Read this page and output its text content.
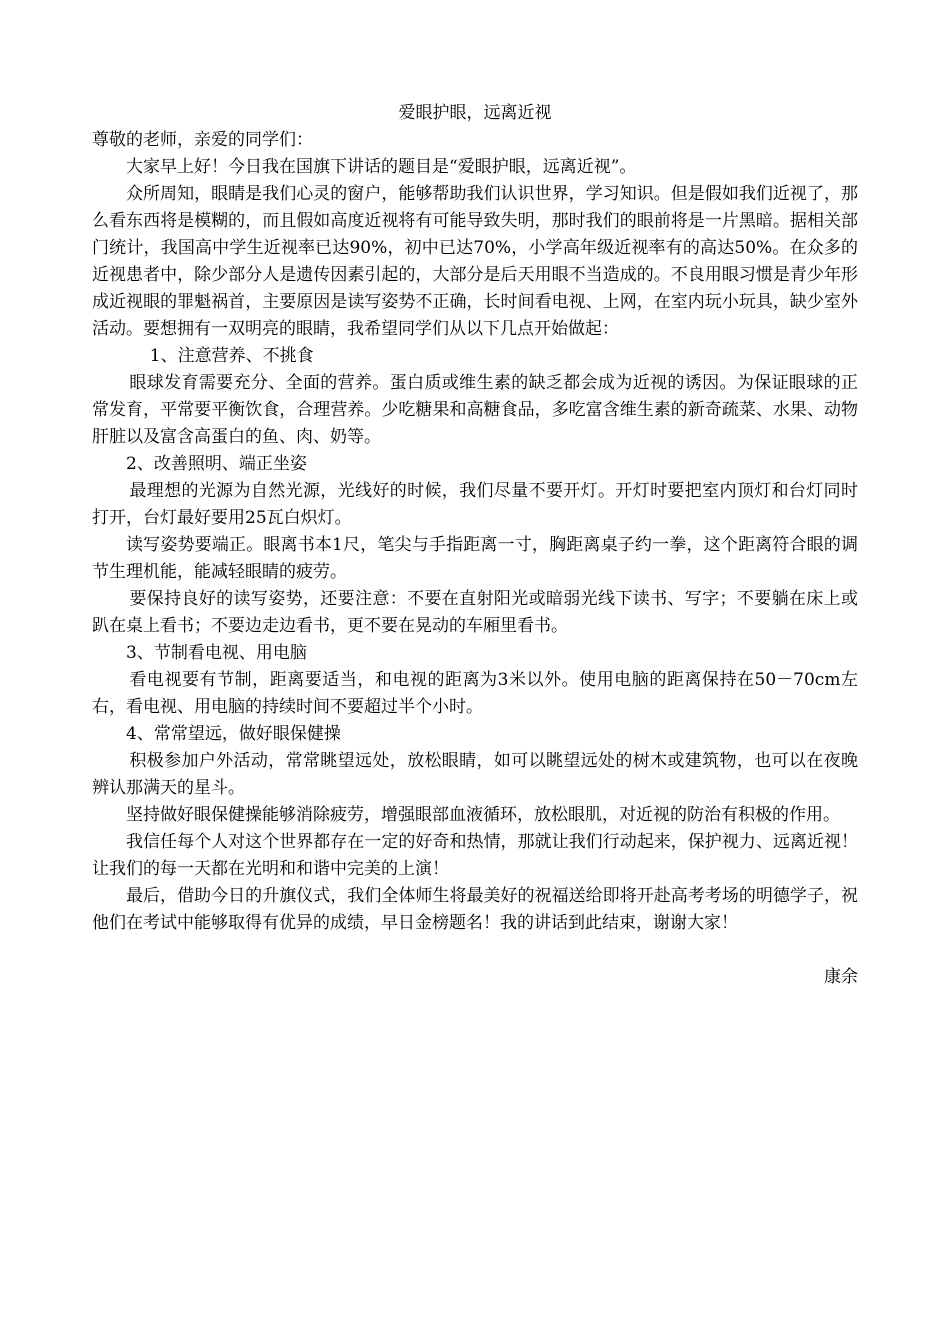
爱眼护眼，远离近视

尊敬的老师，亲爱的同学们：

大家早上好！今日我在国旗下讲话的题目是“爱眼护眼，远离近视”。

众所周知，眼睛是我们心灵的窗户，能够帮助我们认识世界，学习知识。但是假如我们近视了，那么看东西将是模糊的，而且假如高度近视将有可能导致失明，那时我们的眼前将是一片黑暗。据相关部门统计，我国高中学生近视率已达90%，初中已达70%，小学高年级近视率有的高达50%。在众多的近视患者中，除少部分人是遗传因素引起的，大部分是后天用眼不当造成的。不良用眼习惯是青少年形成近视眼的罪魁祸首，主要原因是读写姿势不正确，长时间看电视、上网，在室内玩小玩具，缺少室外活动。要想拥有一双明亮的眼睛，我希望同学们从以下几点开始做起：

1、注意营养、不挑食

眼球发育需要充分、全面的营养。蛋白质或维生素的缺乏都会成为近视的诱因。为保证眼球的正常发育，平常要平衡饮食，合理营养。少吃糖果和高糖食品，多吃富含维生素的新奇疏菜、水果、动物肝脏以及富含高蛋白的鱼、肉、奶等。

2、改善照明、端正坐姿

最理想的光源为自然光源，光线好的时候，我们尽量不要开灯。开灯时要把室内顶灯和台灯同时打开，台灯最好要用25瓦白炽灯。

读写姿势要端正。眼离书本1尺，笔尖与手指距离一寸，胸距离桌子约一拳，这个距离符合眼的调节生理机能，能减轻眼睛的疲劳。

要保持良好的读写姿势，还要注意：不要在直射阳光或暗弱光线下读书、写字；不要躺在床上或趴在桌上看书；不要边走边看书，更不要在晃动的车厢里看书。

3、节制看电视、用电脑

看电视要有节制，距离要适当，和电视的距离为3米以外。使用电脑的距离保持在50－70cm左右，看电视、用电脑的持续时间不要超过半个小时。

4、常常望远，做好眼保健操

积极参加户外活动，常常眺望远处，放松眼睛，如可以眺望远处的树木或建筑物，也可以在夜晚辨认那满天的星斗。

坚持做好眼保健操能够消除疲劳，增强眼部血液循环，放松眼肌，对近视的防治有积极的作用。

我信任每个人对这个世界都存在一定的好奇和热情，那就让我们行动起来，保护视力、远离近视！让我们的每一天都在光明和和谐中完美的上演！

最后，借助今日的升旗仪式，我们全体师生将最美好的祝福送给即将开赴高考考场的明德学子，祝他们在考试中能够取得有优异的成绩，早日金榜题名！我的讲话到此结束，谢谢大家！

康余
